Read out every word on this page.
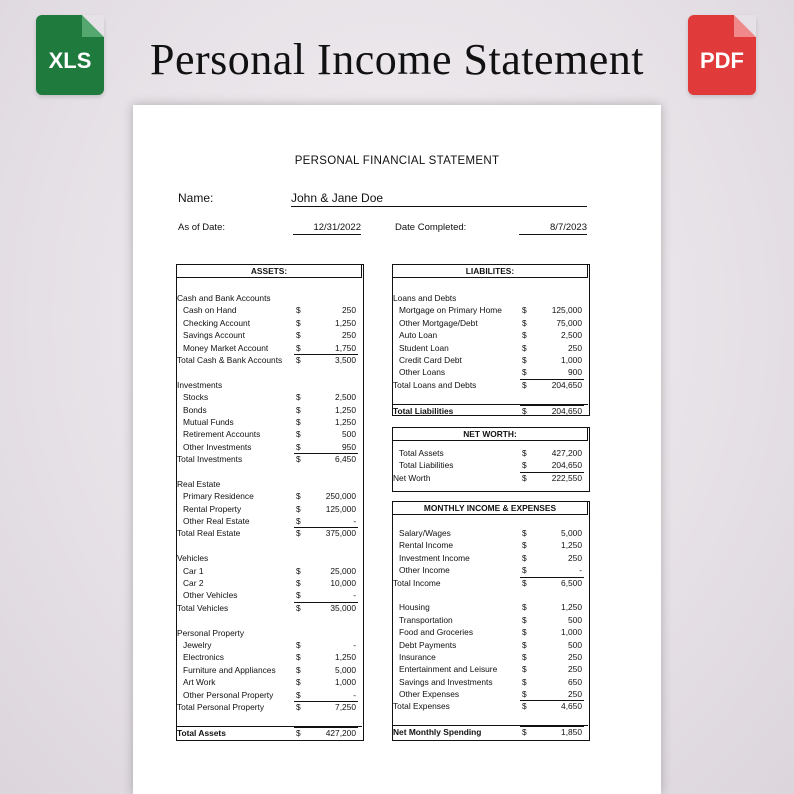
XLS	Personal Income Statement	PDF
PERSONAL FINANCIAL STATEMENT
Name:	John & Jane Doe
As of Date:	12/31/2022	Date Completed:	8/7/2023
ASSETS:
Cash and Bank Accounts
Cash on Hand	$	250
Checking Account	$	1,250
Savings Account	$	250
Money Market Account	$	1,750
Total Cash & Bank Accounts $	3,500
Investments
Stocks	$	2,500
Bonds	$	1,250
Mutual Funds	$	1,250
Retirement Accounts	$	500
Other Investments	$	950
Total Investments	$	6,450
Real Estate
Primary Residence	$	250,000
Rental Property	$	125,000
Other Real Estate	$	-
Total Real Estate	$	375,000
Vehicles
Car 1	$	25,000
Car 2	$	10,000
Other Vehicles	$	-
Total Vehicles	$	35,000
Personal Property
Jewelry	$	-
Electronics	$	1,250
Furniture and Appliances $	5,000
Art Work	$	1,000
Other Personal Property	$	-
Total Personal Property	$	7,250
Total Assets	$	427,200
LIABILITES:
Loans and Debts
Mortgage on Primary Home $	125,000
Other Mortgage/Debt	$	75,000
Auto Loan	$	2,500
Student Loan	$	250
Credit Card Debt	$	1,000
Other Loans	$	900
Total Loans and Debts	$	204,650
Total Liabilities	$	204,650
NET WORTH:
Total Assets	$	427,200
Total Liabilities	$	204,650
Net Worth	$	222,550
MONTHLY INCOME & EXPENSES
Salary/Wages	$	5,000
Rental Income	$	1,250
Investment Income	$	250
Other Income	$	-
Total Income	$	6,500
Housing	$	1,250
Transportation	$	500
Food and Groceries	$	1,000
Debt Payments	$	500
Insurance	$	250
Entertainment and Leisure	$	250
Savings and Investments	$	650
Other Expenses	$	250
Total Expenses	$	4,650
Net Monthly Spending	$	1,850
